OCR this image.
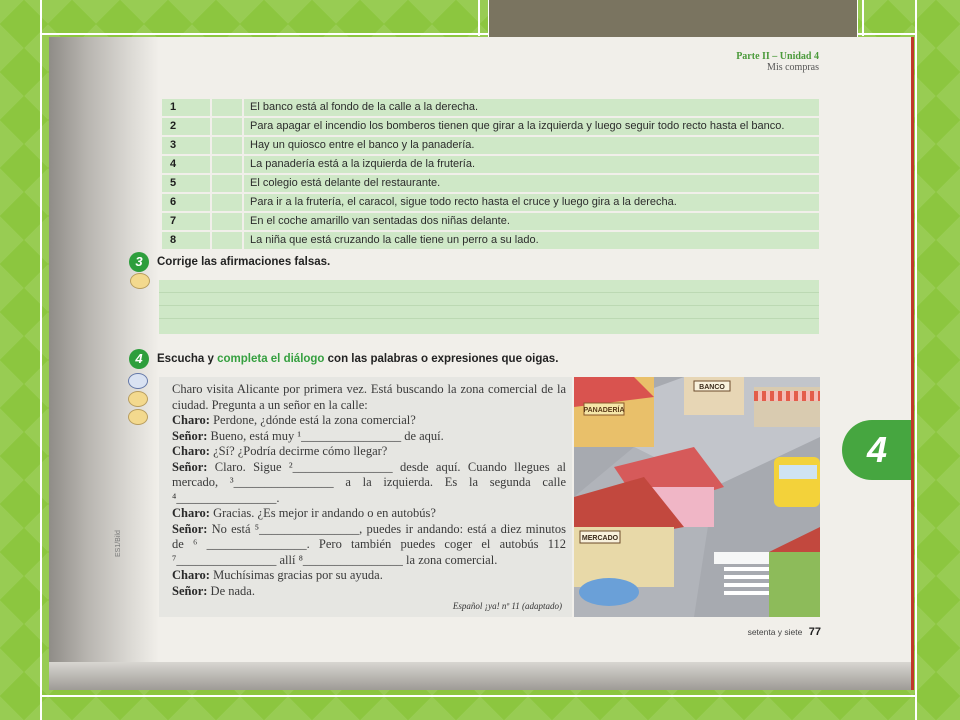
Parte II – Unidad 4
Mis compras
1		El banco está al fondo de la calle a la derecha.
2		Para apagar el incendio los bomberos tienen que girar a la izquierda y luego seguir todo recto hasta el banco.
3		Hay un quiosco entre el banco y la panadería.
4		La panadería está a la izquierda de la frutería.
5		El colegio está delante del restaurante.
6		Para ir a la frutería, el caracol, sigue todo recto hasta el cruce y luego gira a la derecha.
7		En el coche amarillo van sentadas dos niñas delante.
8		La niña que está cruzando la calle tiene un perro a su lado.
3	Corrige las afirmaciones falsas.
4	Escucha y completa el diálogo con las palabras o expresiones que oigas.

Charo visita Alicante por primera vez. Está buscando la zona comercial de la ciudad. Pregunta a un señor en la calle:

Charo: Perdone, ¿dónde está la zona comercial?

Señor: Bueno, está muy ¹________________ de aquí.

Charo: ¿Sí? ¿Podría decirme cómo llegar?

Señor: Claro. Sigue ²________________ desde aquí. Cuando llegues al mercado, ³________________ a la izquierda. Es la segunda calle ⁴________________.

Charo: Gracias. ¿Es mejor ir andando o en autobús?

Señor: No está ⁵________________, puedes ir andando: está a diez minutos de ⁶ ________________. Pero también puedes coger el autobús 112 ⁷________________ allí ⁸________________ la zona comercial.

Charo: Muchísimas gracias por su ayuda.

Señor: De nada.

Español ¡ya! nº 11 (adaptado)
PANADERÍA
BANCO
MERCADO
4
setenta y siete 77
ES1/Bild
